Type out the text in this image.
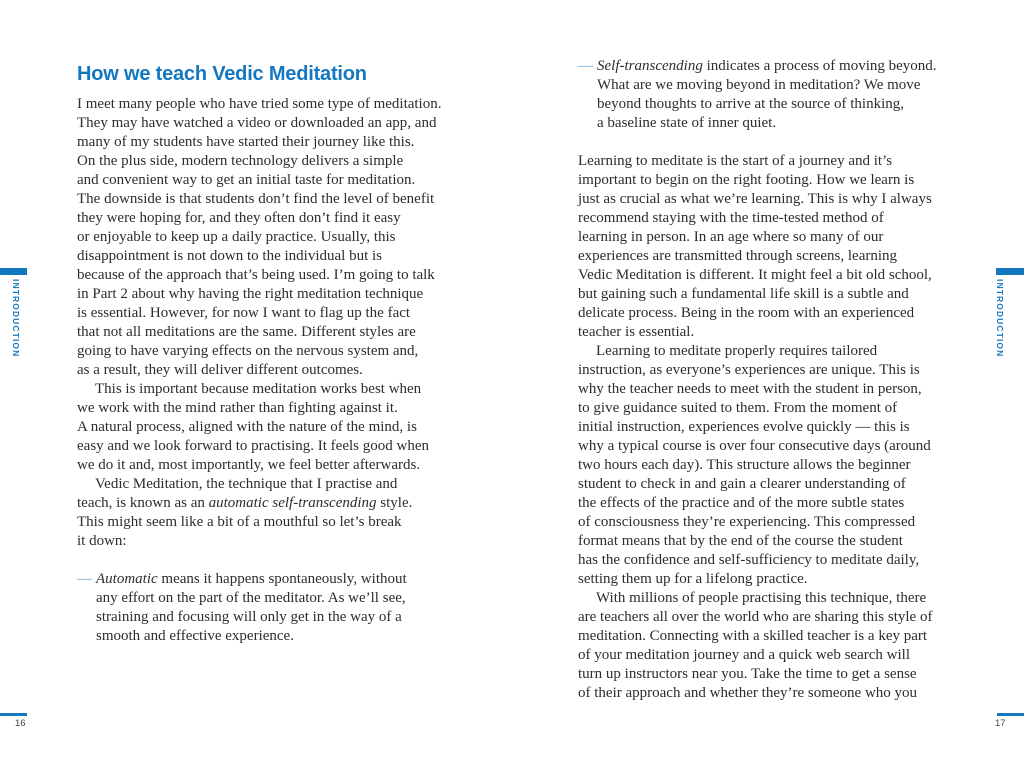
INTRODUCTION	INTRODUCTION
How we teach Vedic Meditation
I meet many people who have tried some type of meditation.
They may have watched a video or downloaded an app, and
many of my students have started their journey like this.
On the plus side, modern technology delivers a simple
and convenient way to get an initial taste for meditation.
The downside is that students don’t find the level of benefit
they were hoping for, and they often don’t find it easy
or enjoyable to keep up a daily practice. Usually, this
disappointment is not down to the individual but is
because of the approach that’s being used. I’m going to talk
in Part 2 about why having the right meditation technique
is essential. However, for now I want to flag up the fact
that not all meditations are the same. Different styles are
going to have varying effects on the nervous system and,
as a result, they will deliver different outcomes.
This is important because meditation works best when
we work with the mind rather than fighting against it.
A natural process, aligned with the nature of the mind, is
easy and we look forward to practising. It feels good when
we do it and, most importantly, we feel better afterwards.
Vedic Meditation, the technique that I practise and
teach, is known as an automatic self-transcending style.
This might seem like a bit of a mouthful so let’s break
it down:
— Automatic means it happens spontaneously, without
any effort on the part of the meditator. As we’ll see,
straining and focusing will only get in the way of a
smooth and effective experience.
— Self-transcending indicates a process of moving beyond.
What are we moving beyond in meditation? We move
beyond thoughts to arrive at the source of thinking,
a baseline state of inner quiet.
Learning to meditate is the start of a journey and it’s
important to begin on the right footing. How we learn is
just as crucial as what we’re learning. This is why I always
recommend staying with the time-tested method of
learning in person. In an age where so many of our
experiences are transmitted through screens, learning
Vedic Meditation is different. It might feel a bit old school,
but gaining such a fundamental life skill is a subtle and
delicate process. Being in the room with an experienced
teacher is essential.
Learning to meditate properly requires tailored
instruction, as everyone’s experiences are unique. This is
why the teacher needs to meet with the student in person,
to give guidance suited to them. From the moment of
initial instruction, experiences evolve quickly — this is
why a typical course is over four consecutive days (around
two hours each day). This structure allows the beginner
student to check in and gain a clearer understanding of
the effects of the practice and of the more subtle states
of consciousness they’re experiencing. This compressed
format means that by the end of the course the student
has the confidence and self-sufficiency to meditate daily,
setting them up for a lifelong practice.
With millions of people practising this technique, there
are teachers all over the world who are sharing this style of
meditation. Connecting with a skilled teacher is a key part
of your meditation journey and a quick web search will
turn up instructors near you. Take the time to get a sense
of their approach and whether they’re someone who you
16	17
